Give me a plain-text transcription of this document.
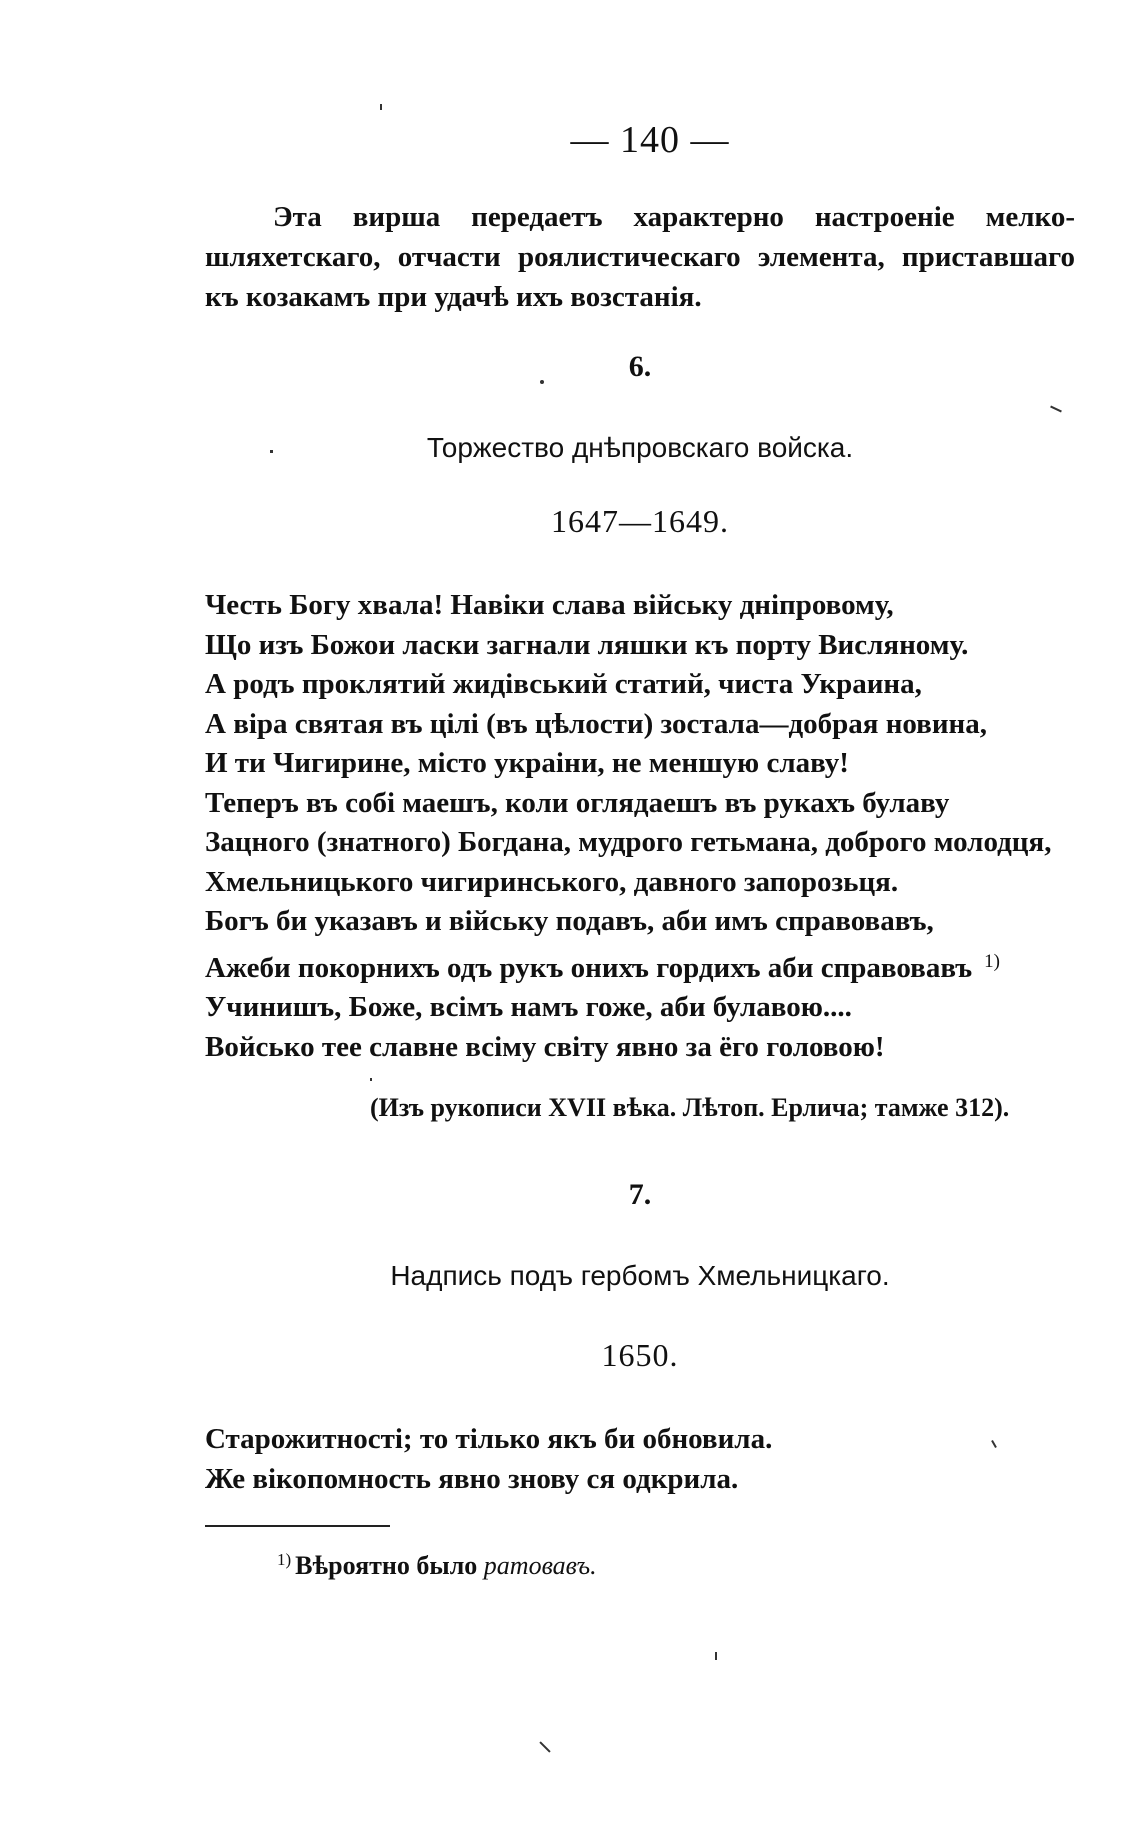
— 140 —

Эта вирша передаетъ характерно настроеніе мелко-шляхетскаго, отчасти роялистическаго элемента, приставшаго къ козакамъ при удачѣ ихъ возстанія.

6.
Торжество днѣпровскаго войска.
1647—1649.
Честь Богу хвала! Навіки слава війську дніпровому,
Що изъ Божои ласки загнали ляшки къ порту Висляному.
А родъ проклятий жидівський статий, чиста Украина,
А віра святая въ цілі (въ цѣлости) зостала—добрая новина,
И ти Чигирине, місто украіни, не меншую славу!
Теперъ въ собі маешъ, коли оглядаешъ въ рукахъ булаву
Зацного (знатного) Богдана, мудрого гетьмана, доброго молодця,
Хмельницького чигиринського, давного запорозьця.
Богъ би указавъ и війську подавъ, аби имъ справовавъ,
Ажеби покорнихъ одъ рукъ онихъ гордихъ аби справовавъ $^{1)}$
Учинишъ, Боже, всімъ намъ гоже, аби булавою....
Войсько тее славне всіму світу явно за ёго головою!
(Изъ рукописи XVII вѣка. Лѣтоп. Ерлича; тамже 312).
7.
Надпись подъ гербомъ Хмельницкаго.
1650.
Старожитності; то тілько якъ би обновила.
Же вікопомность явно знову ся одкрила.
$^{1)}$ Вѣроятно было ратовавъ.
